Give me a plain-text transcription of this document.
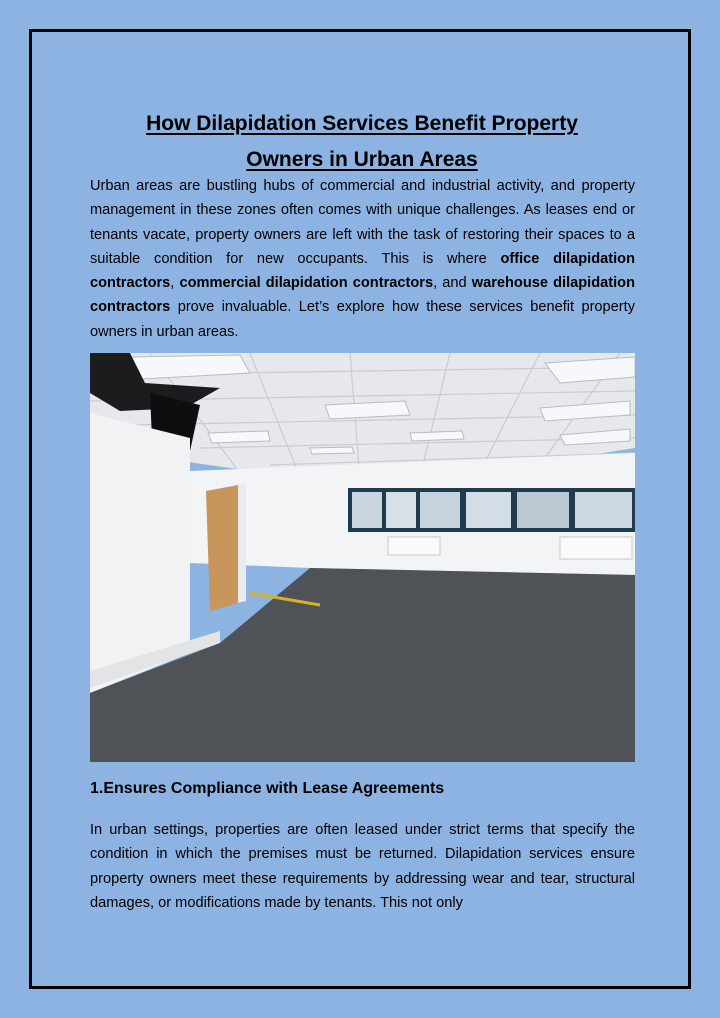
How Dilapidation Services Benefit Property
Owners in Urban Areas

Urban areas are bustling hubs of commercial and industrial activity, and property management in these zones often comes with unique challenges. As leases end or tenants vacate, property owners are left with the task of restoring their spaces to a suitable condition for new occupants. This is where office dilapidation contractors, commercial dilapidation contractors, and warehouse dilapidation contractors prove invaluable. Let’s explore how these services benefit property owners in urban areas.

1.Ensures Compliance with Lease Agreements

In urban settings, properties are often leased under strict terms that specify the condition in which the premises must be returned. Dilapidation services ensure property owners meet these requirements by addressing wear and tear, structural damages, or modifications made by tenants. This not only
